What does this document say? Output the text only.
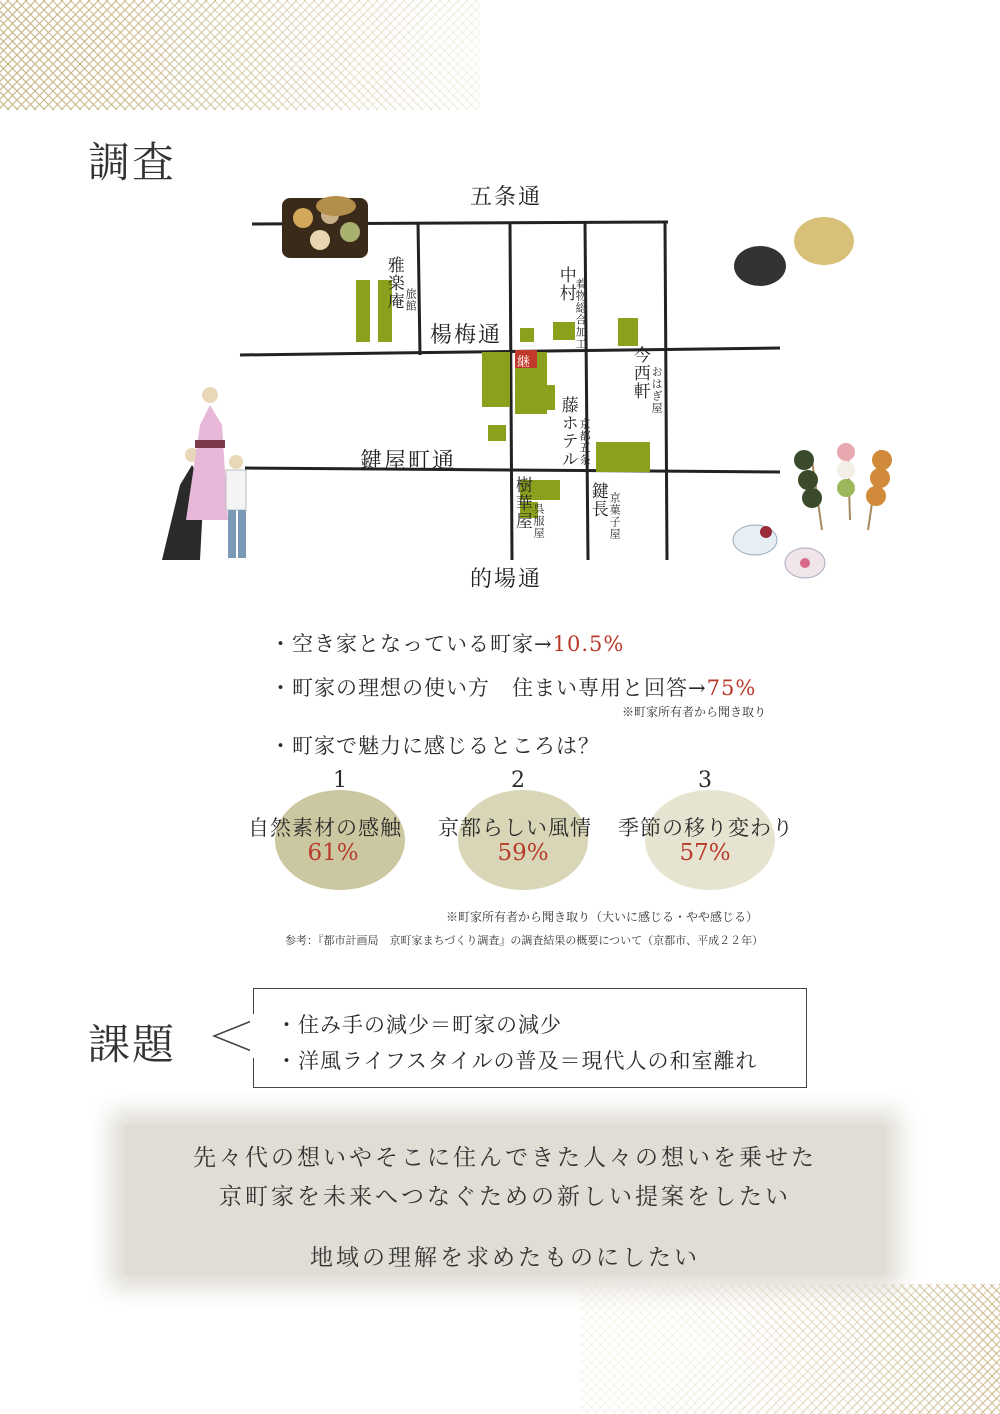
調査
五条通
楊梅通
鍵屋町通
的場通
雅楽庵 旅館	中村
着物総合加工
今西軒 おはぎ屋
藤ホテル 京都五条
樹華屋 呉服屋
鍵長 京菓子屋
継
・空き家となっている町家→10.5%
・町家の理想の使い方　住まい専用と回答→75%
※町家所有者から聞き取り
・町家で魅力に感じるところは？
1	2	3
自然素材の感触 京都らしい風情 季節の移り変わり
61%	59%	57%
※町家所有者から聞き取り（大いに感じる・やや感じる）
参考：『都市計画局　京町家まちづくり調査』の調査結果の概要について（京都市、平成２２年）
課題	・住み手の減少＝町家の減少
・洋風ライフスタイルの普及＝現代人の和室離れ

先々代の想いやそこに住んできた人々の想いを乗せた

京町家を未来へつなぐための新しい提案をしたい

地域の理解を求めたものにしたい
